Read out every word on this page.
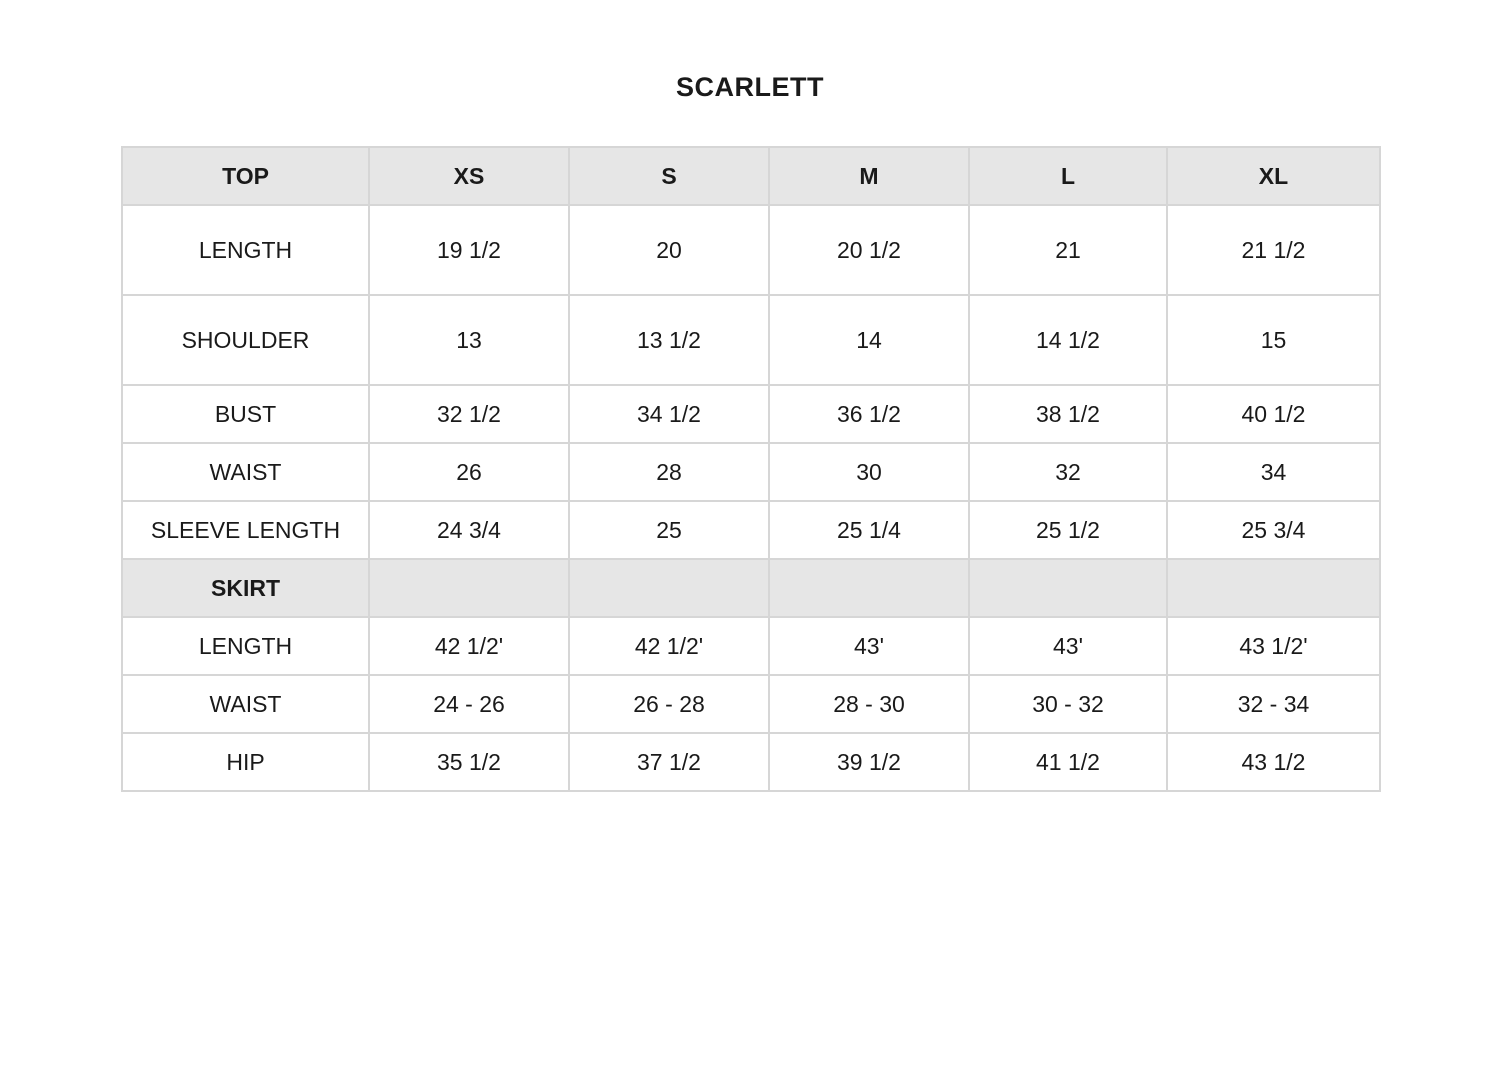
SCARLETT
TOP	XS	S	M	L	XL
LENGTH	19 1/2	20	20 1/2	21	21 1/2
SHOULDER	13	13 1/2	14	14 1/2	15
BUST	32 1/2	34 1/2	36 1/2	38 1/2	40 1/2
WAIST	26	28	30	32	34
SLEEVE LENGTH	24 3/4	25	25 1/4	25 1/2	25 3/4
SKIRT					
LENGTH	42 1/2'	42 1/2'	43'	43'	43 1/2'
WAIST	24 - 26	26 - 28	28 - 30	30 - 32	32 - 34
HIP	35 1/2	37 1/2	39 1/2	41 1/2	43 1/2
